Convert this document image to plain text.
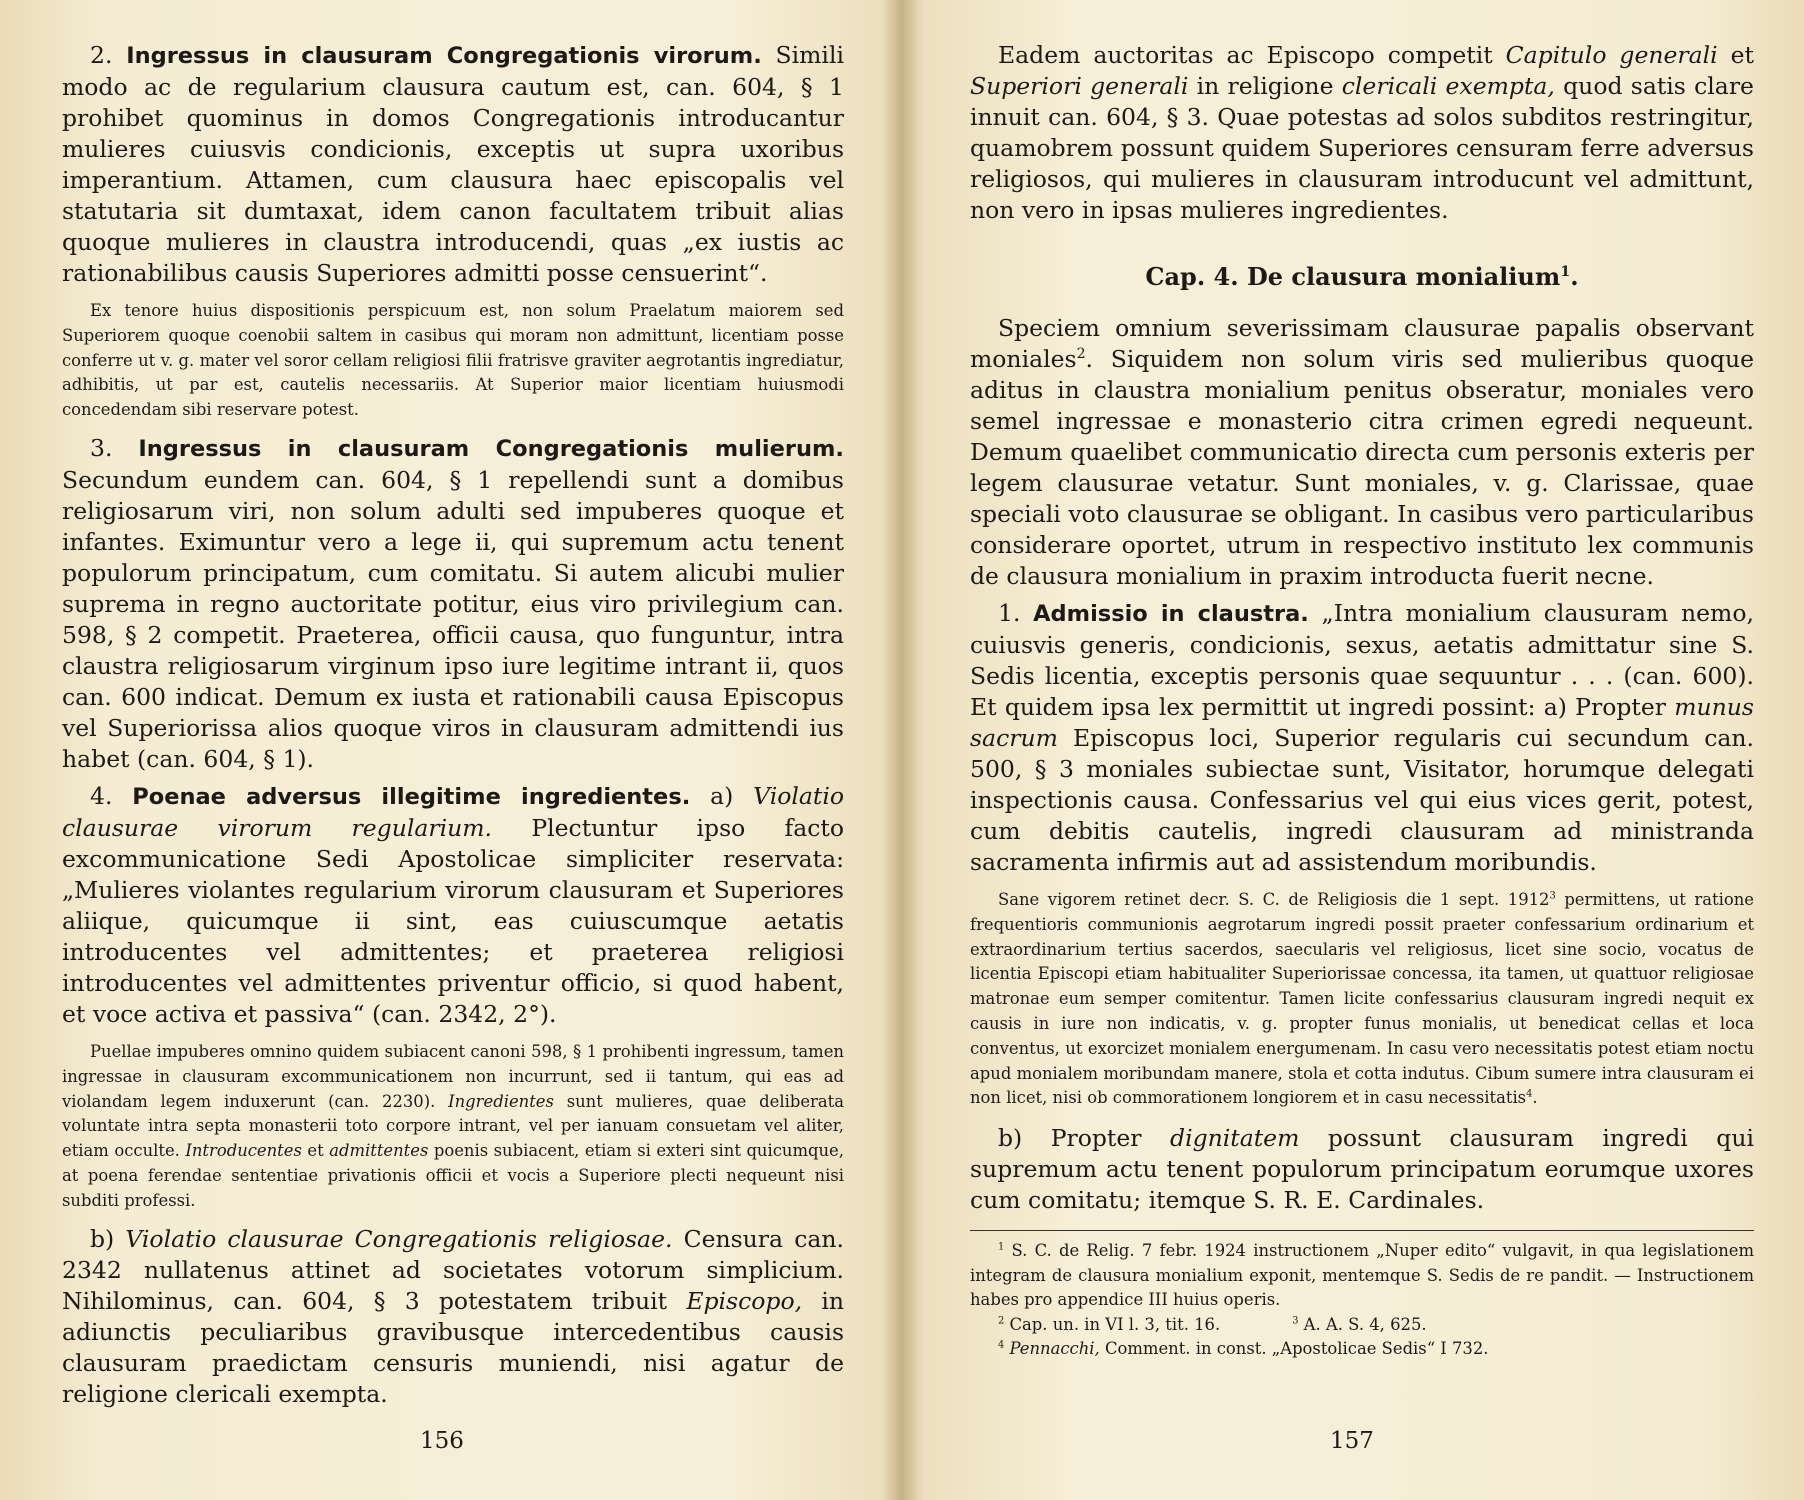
2. Ingressus in clausuram Congregationis virorum. Simili modo ac de regularium clausura cautum est, can. 604, § 1 prohibet quominus in domos Congregationis introducantur mulieres cuiusvis condicionis, exceptis ut supra uxoribus imperantium. Attamen, cum clausura haec episcopalis vel statutaria sit dumtaxat, idem canon facultatem tribuit alias quoque mulieres in claustra introducendi, quas „ex iustis ac rationabilibus causis Superiores admitti posse censuerint“.

Ex tenore huius dispositionis perspicuum est, non solum Praelatum maiorem sed Superiorem quoque coenobii saltem in casibus qui moram non admittunt, licentiam posse conferre ut v. g. mater vel soror cellam religiosi filii fratrisve graviter aegrotantis ingrediatur, adhibitis, ut par est, cautelis necessariis. At Superior maior licentiam huiusmodi concedendam sibi reservare potest.

3. Ingressus in clausuram Congregationis mulierum. Secundum eundem can. 604, § 1 repellendi sunt a domibus religiosarum viri, non solum adulti sed impuberes quoque et infantes. Eximuntur vero a lege ii, qui supremum actu tenent populorum principatum, cum comitatu. Si autem alicubi mulier suprema in regno auctoritate potitur, eius viro privilegium can. 598, § 2 competit. Praeterea, officii causa, quo funguntur, intra claustra religiosarum virginum ipso iure legitime intrant ii, quos can. 600 indicat. Demum ex iusta et rationabili causa Episcopus vel Superiorissa alios quoque viros in clausuram admittendi ius habet (can. 604, § 1).

4. Poenae adversus illegitime ingredientes. a) Violatio clausurae virorum regularium. Plectuntur ipso facto excommunicatione Sedi Apostolicae simpliciter reservata: „Mulieres violantes regularium virorum clausuram et Superiores aliique, quicumque ii sint, eas cuiuscumque aetatis introducentes vel admittentes; et praeterea religiosi introducentes vel admittentes priventur officio, si quod habent, et voce activa et passiva“ (can. 2342, 2°).

Puellae impuberes omnino quidem subiacent canoni 598, § 1 prohibenti ingressum, tamen ingressae in clausuram excommunicationem non incurrunt, sed ii tantum, qui eas ad violandam legem induxerunt (can. 2230). Ingredientes sunt mulieres, quae deliberata voluntate intra septa monasterii toto corpore intrant, vel per ianuam consuetam vel aliter, etiam occulte. Introducentes et admittentes poenis subiacent, etiam si exteri sint quicumque, at poena ferendae sententiae privationis officii et vocis a Superiore plecti nequeunt nisi subditi professi.

b) Violatio clausurae Congregationis religiosae. Censura can. 2342 nullatenus attinet ad societates votorum simplicium. Nihilominus, can. 604, § 3 potestatem tribuit Episcopo, in adiunctis peculiaribus gravibusque intercedentibus causis clausuram praedictam censuris muniendi, nisi agatur de religione clericali exempta.

156

Eadem auctoritas ac Episcopo competit Capitulo generali et Superiori generali in religione clericali exempta, quod satis clare innuit can. 604, § 3. Quae potestas ad solos subditos restringitur, quamobrem possunt quidem Superiores censuram ferre adversus religiosos, qui mulieres in clausuram introducunt vel admittunt, non vero in ipsas mulieres ingredientes.

Cap. 4. De clausura monialium$^1$.

Speciem omnium severissimam clausurae papalis observant moniales$^2$. Siquidem non solum viris sed mulieribus quoque aditus in claustra monialium penitus obseratur, moniales vero semel ingressae e monasterio citra crimen egredi nequeunt. Demum quaelibet communicatio directa cum personis exteris per legem clausurae vetatur. Sunt moniales, v. g. Clarissae, quae speciali voto clausurae se obligant. In casibus vero particularibus considerare oportet, utrum in respectivo instituto lex communis de clausura monialium in praxim introducta fuerit necne.

1. Admissio in claustra. „Intra monialium clausuram nemo, cuiusvis generis, condicionis, sexus, aetatis admittatur sine S. Sedis licentia, exceptis personis quae sequuntur . . . (can. 600). Et quidem ipsa lex permittit ut ingredi possint: a) Propter munus sacrum Episcopus loci, Superior regularis cui secundum can. 500, § 3 moniales subiectae sunt, Visitator, horumque delegati inspectionis causa. Confessarius vel qui eius vices gerit, potest, cum debitis cautelis, ingredi clausuram ad ministranda sacramenta infirmis aut ad assistendum moribundis.

Sane vigorem retinet decr. S. C. de Religiosis die 1 sept. 1912$^3$ permittens, ut ratione frequentioris communionis aegrotarum ingredi possit praeter confessarium ordinarium et extraordinarium tertius sacerdos, saecularis vel religiosus, licet sine socio, vocatus de licentia Episcopi etiam habitualiter Superiorissae concessa, ita tamen, ut quattuor religiosae matronae eum semper comitentur. Tamen licite confessarius clausuram ingredi nequit ex causis in iure non indicatis, v. g. propter funus monialis, ut benedicat cellas et loca conventus, ut exorcizet monialem energumenam. In casu vero necessitatis potest etiam noctu apud monialem moribundam manere, stola et cotta indutus. Cibum sumere intra clausuram ei non licet, nisi ob commorationem longiorem et in casu necessitatis$^4$.

b) Propter dignitatem possunt clausuram ingredi qui supremum actu tenent populorum principatum eorumque uxores cum comitatu; itemque S. R. E. Cardinales.

$^1$ S. C. de Relig. 7 febr. 1924 instructionem „Nuper edito“ vulgavit, in qua legislationem integram de clausura monialium exponit, mentemque S. Sedis de re pandit. — Instructionem habes pro appendice III huius operis.

$^2$ Cap. un. in VI l. 3, tit. 16.	$^3$ A. A. S. 4, 625.

$^4$ Pennacchi, Comment. in const. „Apostolicae Sedis“ I 732.

157
